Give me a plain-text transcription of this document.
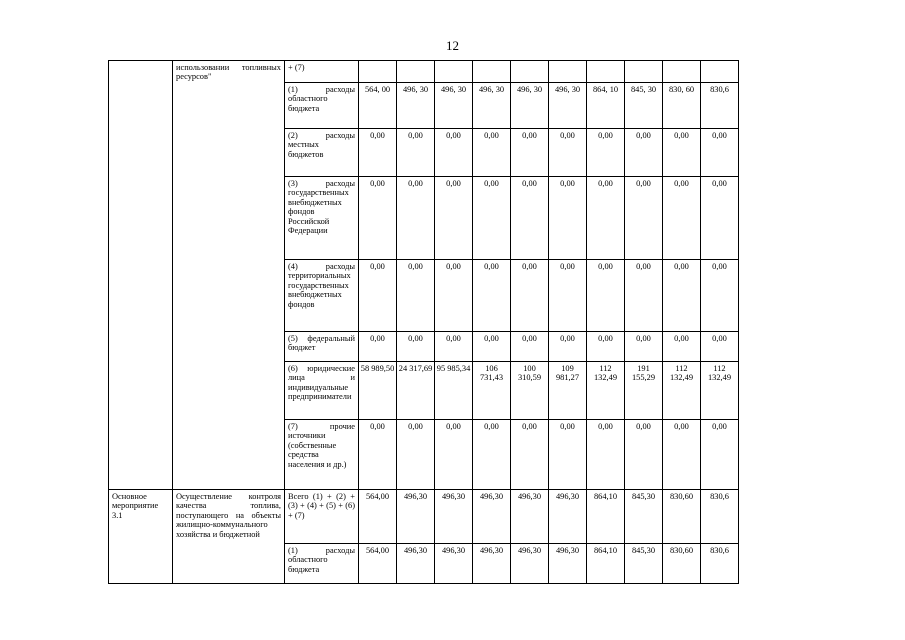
12
	использовании топливных ресурсов"	+ (7)										
		(1) расходы областного бюджета	564, 00	496, 30	496, 30	496, 30	496, 30	496, 30	864, 10	845, 30	830, 60	830,6
		(2) расходы местных бюджетов	0,00	0,00	0,00	0,00	0,00	0,00	0,00	0,00	0,00	0,00
		(3) расходы государственных внебюджетных фондов Российской Федерации	0,00	0,00	0,00	0,00	0,00	0,00	0,00	0,00	0,00	0,00
		(4) расходы территориальных государственных внебюджетных фондов	0,00	0,00	0,00	0,00	0,00	0,00	0,00	0,00	0,00	0,00
		(5) федеральный бюджет	0,00	0,00	0,00	0,00	0,00	0,00	0,00	0,00	0,00	0,00
		(6) юридические лица и индивидуальные предприниматели	58 989,50	24 317,69	95 985,34	106 731,43	100 310,59	109 981,27	112 132,49	191 155,29	112 132,49	112 132,49
		(7) прочие источники (собственные средства населения и др.)	0,00	0,00	0,00	0,00	0,00	0,00	0,00	0,00	0,00	0,00
Основное мероприятие 3.1	Осуществление контроля качества топлива, поступающего на объекты жилищно-коммунального хозяйства и бюджетной	Всего (1) + (2) + (3) + (4) + (5) + (6) + (7)	564,00	496,30	496,30	496,30	496,30	496,30	864,10	845,30	830,60	830,6
		(1) расходы областного бюджета	564,00	496,30	496,30	496,30	496,30	496,30	864,10	845,30	830,60	830,6
